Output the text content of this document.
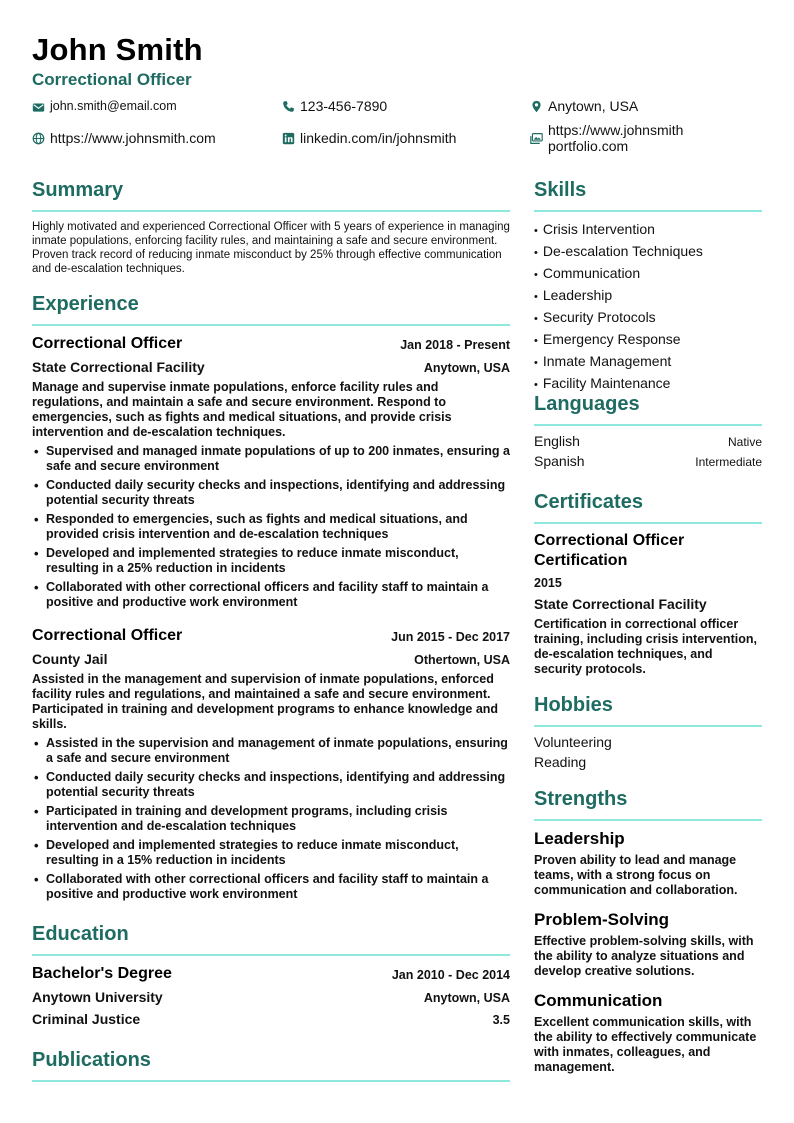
John Smith
Correctional Officer
john.smith@email.com	123-456-7890	Anytown, USA
https://www.johnsmith.com	linkedin.com/in/johnsmith	https://www.johnsmith
portfolio.com
Summary
Highly motivated and experienced Correctional Officer with 5 years of experience in managing inmate populations, enforcing facility rules, and maintaining a safe and secure environment. Proven track record of reducing inmate misconduct by 25% through effective communication and de-escalation techniques.
Experience
Correctional Officer	Jan 2018 - Present
State Correctional Facility	Anytown, USA
Manage and supervise inmate populations, enforce facility rules and regulations, and maintain a safe and secure environment. Respond to emergencies, such as fights and medical situations, and provide crisis intervention and de-escalation techniques.
• Supervised and managed inmate populations of up to 200 inmates, ensuring a safe and secure environment
• Conducted daily security checks and inspections, identifying and addressing potential security threats
• Responded to emergencies, such as fights and medical situations, and provided crisis intervention and de-escalation techniques
• Developed and implemented strategies to reduce inmate misconduct, resulting in a 25% reduction in incidents
• Collaborated with other correctional officers and facility staff to maintain a positive and productive work environment
Correctional Officer	Jun 2015 - Dec 2017
County Jail	Othertown, USA
Assisted in the management and supervision of inmate populations, enforced facility rules and regulations, and maintained a safe and secure environment. Participated in training and development programs to enhance knowledge and skills.
• Assisted in the supervision and management of inmate populations, ensuring a safe and secure environment
• Conducted daily security checks and inspections, identifying and addressing potential security threats
• Participated in training and development programs, including crisis intervention and de-escalation techniques
• Developed and implemented strategies to reduce inmate misconduct, resulting in a 15% reduction in incidents
• Collaborated with other correctional officers and facility staff to maintain a positive and productive work environment
Education
Bachelor's Degree	Jan 2010 - Dec 2014
Anytown University	Anytown, USA
Criminal Justice	3.5
Publications
Skills
• Crisis Intervention
• De-escalation Techniques
• Communication
• Leadership
• Security Protocols
• Emergency Response
• Inmate Management
• Facility Maintenance
Languages
English	Native
Spanish	Intermediate
Certificates
Correctional Officer Certification
2015
State Correctional Facility
Certification in correctional officer training, including crisis intervention, de-escalation techniques, and security protocols.
Hobbies
Volunteering
Reading
Strengths
Leadership
Proven ability to lead and manage teams, with a strong focus on communication and collaboration.
Problem-Solving
Effective problem-solving skills, with the ability to analyze situations and develop creative solutions.
Communication
Excellent communication skills, with the ability to effectively communicate with inmates, colleagues, and management.
